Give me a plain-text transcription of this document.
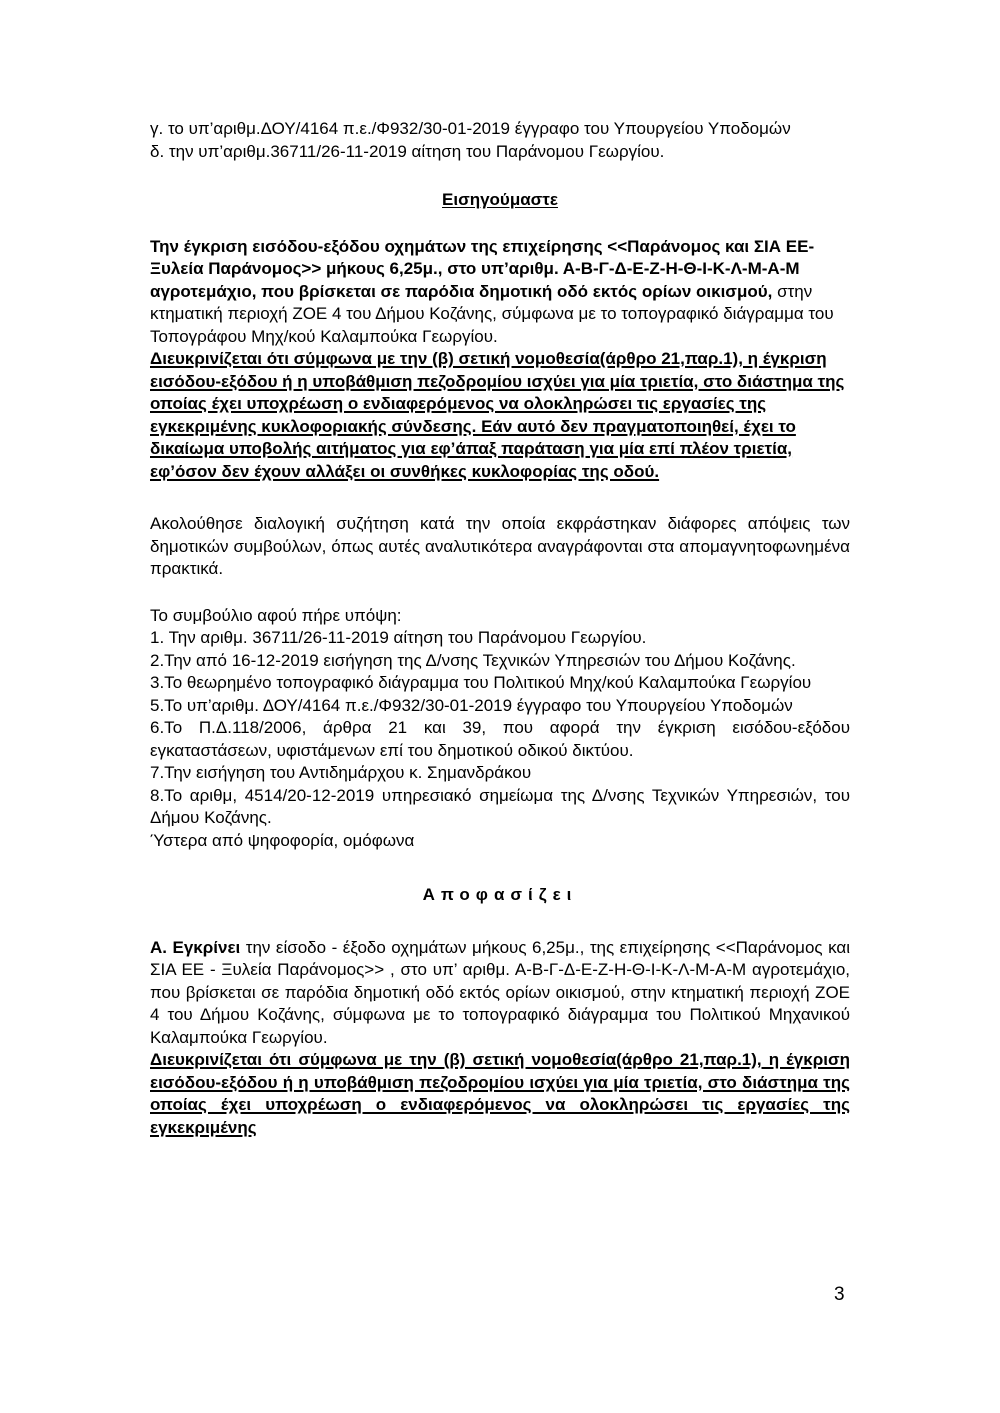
γ. το υπ’αριθμ.ΔΟΥ/4164 π.ε./Φ932/30-01-2019 έγγραφο του Υπουργείου Υποδομών

δ. την υπ’αριθμ.36711/26-11-2019 αίτηση του Παράνομου Γεωργίου.

Εισηγούμαστε

Την έγκριση εισόδου-εξόδου οχημάτων της επιχείρησης <<Παράνομος και ΣΙΑ ΕΕ-Ξυλεία Παράνομος>> μήκους 6,25μ., στο υπ’αριθμ. Α-Β-Γ-Δ-Ε-Ζ-Η-Θ-Ι-Κ-Λ-Μ-Α-Μ αγροτεμάχιο, που βρίσκεται σε παρόδια δημοτική οδό εκτός ορίων οικισμού, στην κτηματική περιοχή ΖΟΕ 4 του Δήμου Κοζάνης, σύμφωνα με το τοπογραφικό διάγραμμα του Τοπογράφου Μηχ/κού Καλαμπούκα Γεωργίου.

Διευκρινίζεται ότι σύμφωνα με την (β) σετική νομοθεσία(άρθρο 21,παρ.1), η έγκριση εισόδου-εξόδου ή η υποβάθμιση πεζοδρομίου ισχύει για μία τριετία, στο διάστημα της οποίας έχει υποχρέωση ο ενδιαφερόμενος να ολοκληρώσει τις εργασίες της εγκεκριμένης κυκλοφοριακής σύνδεσης. Εάν αυτό δεν πραγματοποιηθεί, έχει το δικαίωμα υποβολής αιτήματος για εφ’άπαξ παράταση για μία επί πλέον τριετία, εφ’όσον δεν έχουν αλλάξει οι συνθήκες κυκλοφορίας της οδού.

Ακολούθησε διαλογική συζήτηση κατά την οποία εκφράστηκαν διάφορες απόψεις των δημοτικών συμβούλων, όπως αυτές αναλυτικότερα αναγράφονται στα απομαγνητοφωνημένα πρακτικά.

Το συμβούλιο αφού πήρε υπόψη:

1. Την αριθμ. 36711/26-11-2019 αίτηση του Παράνομου Γεωργίου.

2.Την από 16-12-2019 εισήγηση της Δ/νσης Τεχνικών Υπηρεσιών του Δήμου Κοζάνης.

3.Το θεωρημένο τοπογραφικό διάγραμμα του Πολιτικού Μηχ/κού Καλαμπούκα Γεωργίου

5.Το υπ’αριθμ. ΔΟΥ/4164 π.ε./Φ932/30-01-2019 έγγραφο του Υπουργείου Υποδομών

6.Το Π.Δ.118/2006, άρθρα 21 και 39, που αφορά την έγκριση εισόδου-εξόδου εγκαταστάσεων, υφιστάμενων επί του δημοτικού οδικού δικτύου.

7.Την εισήγηση του Αντιδημάρχου κ. Σημανδράκου

8.Το αριθμ, 4514/20-12-2019 υπηρεσιακό σημείωμα της Δ/νσης Τεχνικών Υπηρεσιών, του Δήμου Κοζάνης.

Ύστερα από ψηφοφορία, ομόφωνα

Αποφασίζει

Α. Εγκρίνει την είσοδο - έξοδο οχημάτων μήκους 6,25μ., της επιχείρησης <<Παράνομος και ΣΙΑ ΕΕ - Ξυλεία Παράνομος>> , στο υπ’ αριθμ. Α-Β-Γ-Δ-Ε-Ζ-Η-Θ-Ι-Κ-Λ-Μ-Α-Μ αγροτεμάχιο, που βρίσκεται σε παρόδια δημοτική οδό εκτός ορίων οικισμού, στην κτηματική περιοχή ΖΟΕ 4 του Δήμου Κοζάνης, σύμφωνα με το τοπογραφικό διάγραμμα του Πολιτικού Μηχανικού Καλαμπούκα Γεωργίου.

Διευκρινίζεται ότι σύμφωνα με την (β) σετική νομοθεσία(άρθρο 21,παρ.1), η έγκριση εισόδου-εξόδου ή η υποβάθμιση πεζοδρομίου ισχύει για μία τριετία, στο διάστημα της οποίας έχει υποχρέωση ο ενδιαφερόμενος να ολοκληρώσει τις εργασίες της εγκεκριμένης

3
